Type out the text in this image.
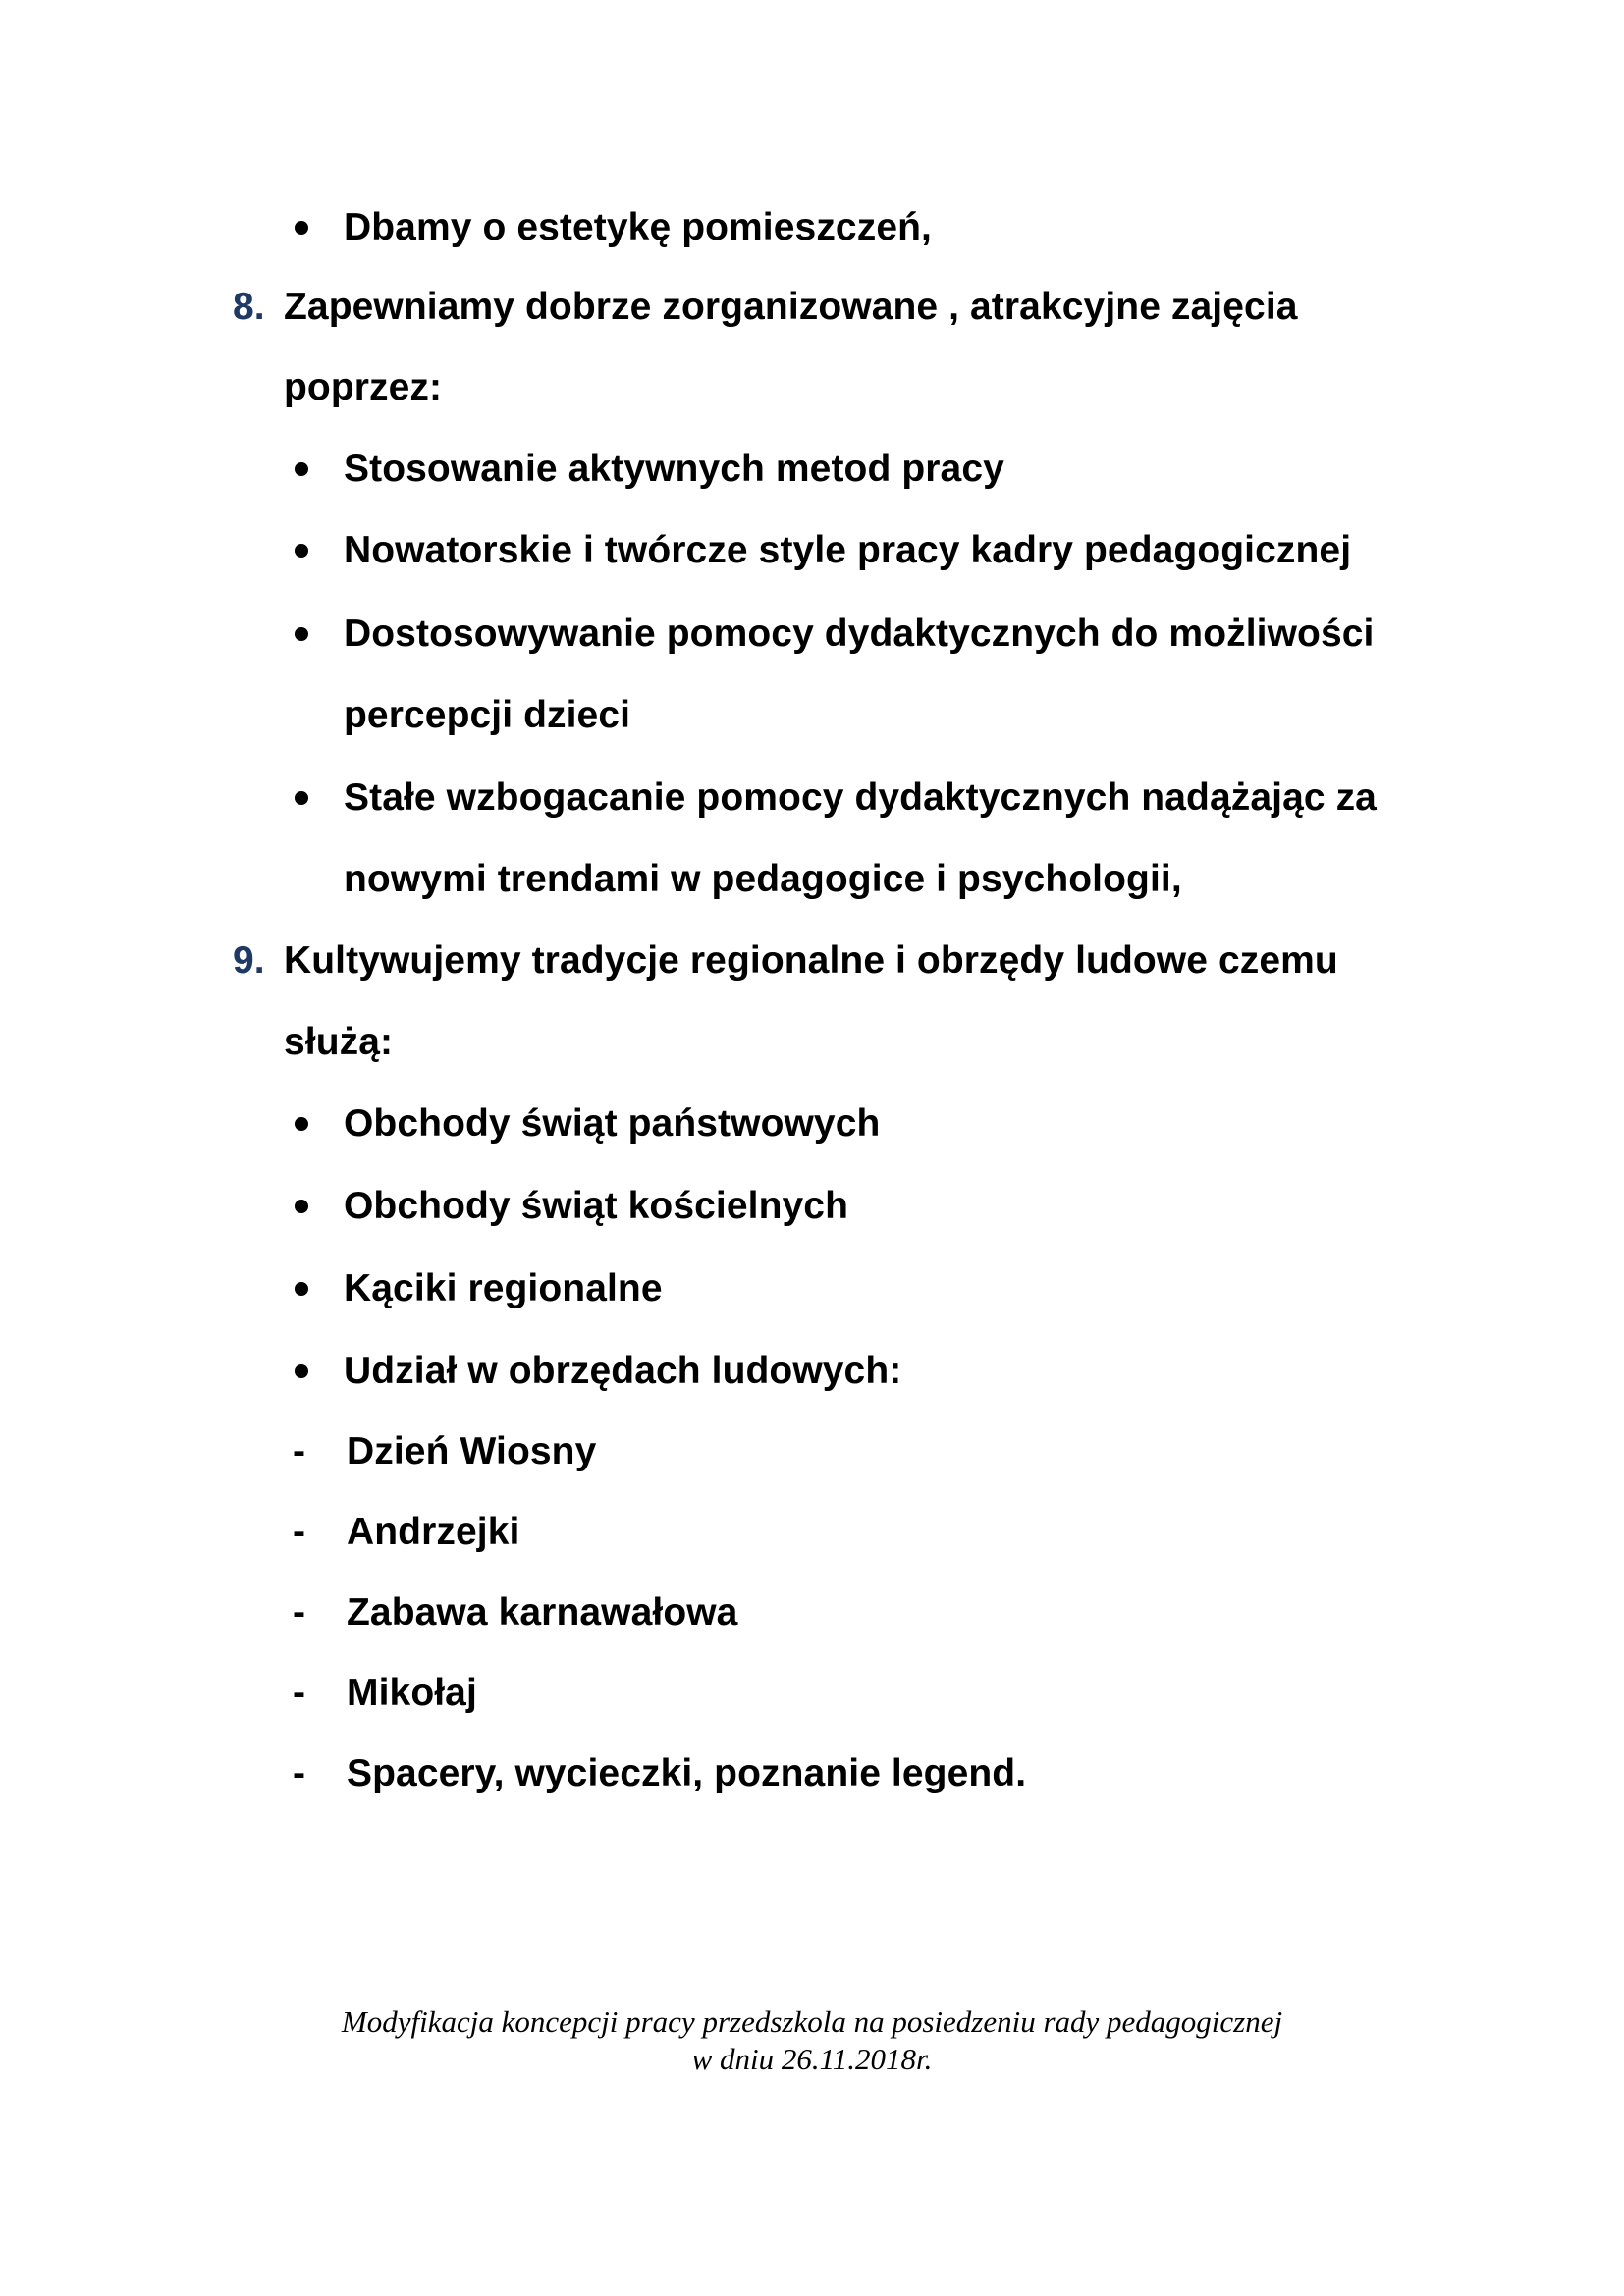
Dbamy o estetykę pomieszczeń,
8. Zapewniamy dobrze zorganizowane , atrakcyjne zajęcia
poprzez:
Stosowanie aktywnych metod pracy
Nowatorskie i twórcze style pracy kadry pedagogicznej
Dostosowywanie pomocy dydaktycznych do możliwości
percepcji dzieci
Stałe wzbogacanie pomocy dydaktycznych nadążając za
nowymi trendami w pedagogice i psychologii,
9. Kultywujemy tradycje regionalne i obrzędy ludowe czemu
służą:
Obchody świąt państwowych
Obchody świąt kościelnych
Kąciki regionalne
Udział w obrzędach ludowych:
- Dzień Wiosny
- Andrzejki
- Zabawa karnawałowa
- Mikołaj
- Spacery, wycieczki, poznanie legend.
Modyfikacja koncepcji pracy przedszkola na posiedzeniu rady pedagogicznej
w dniu 26.11.2018r.
